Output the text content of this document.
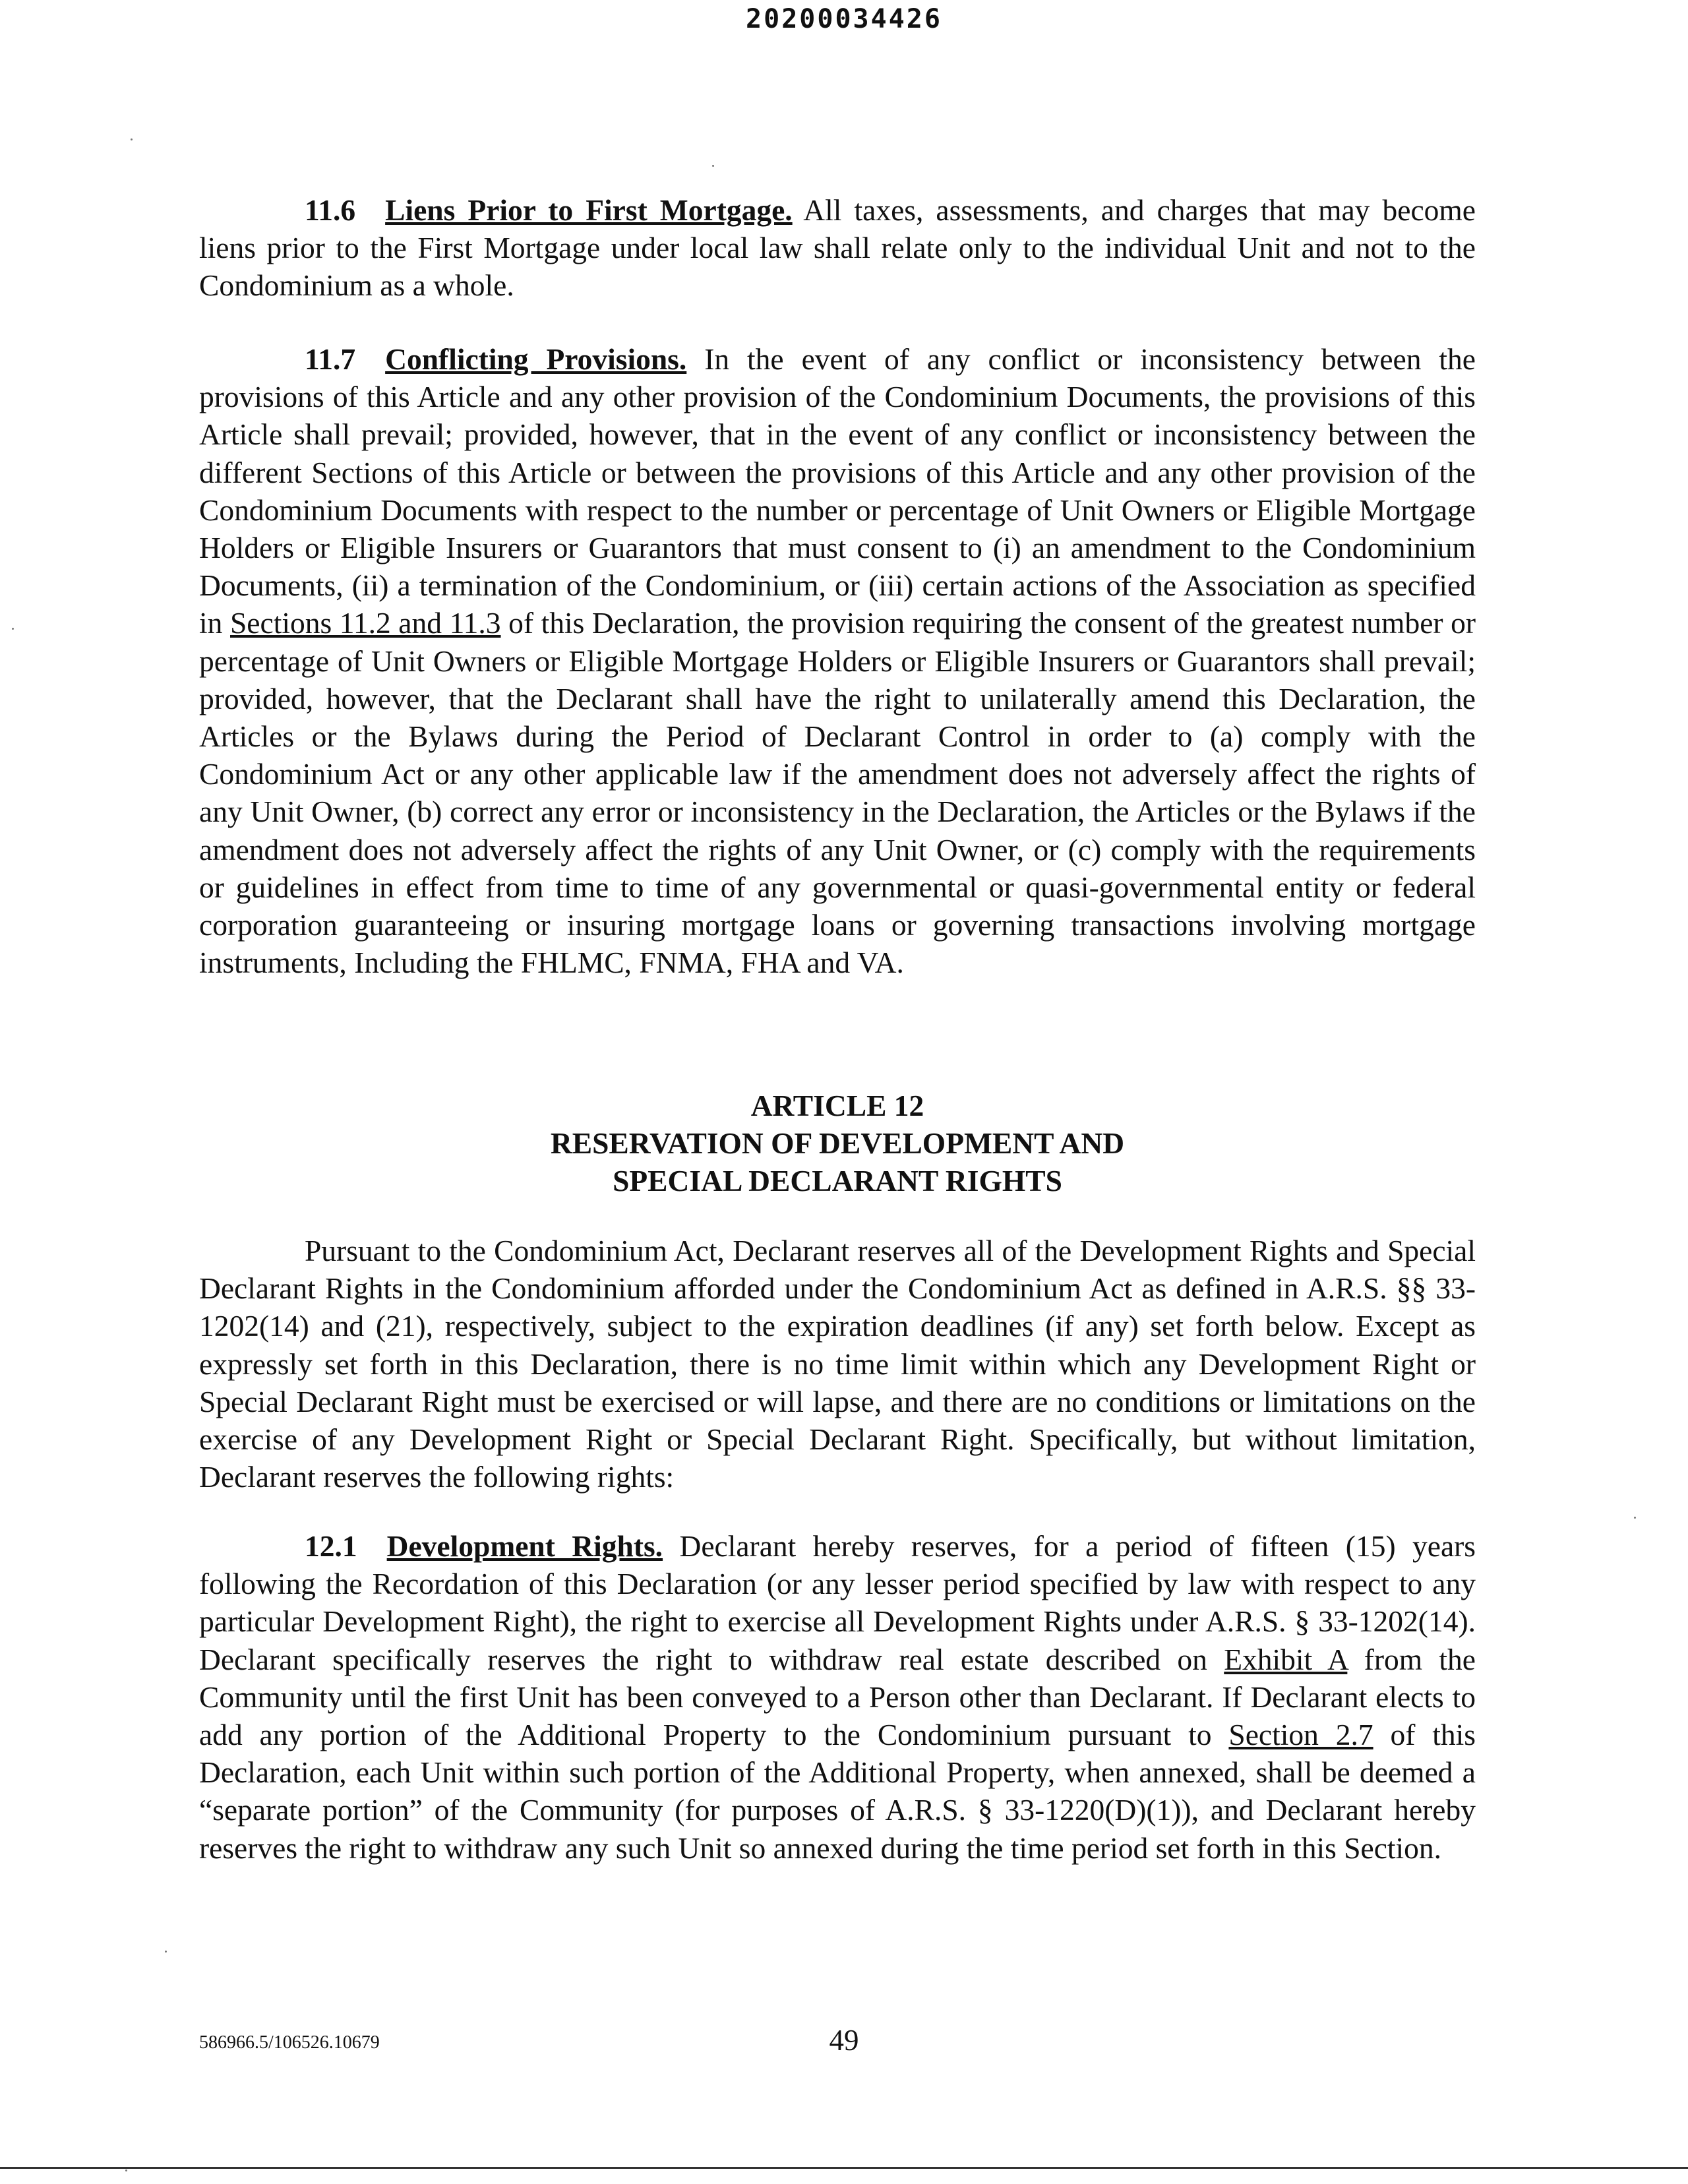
20200034426

11.6 Liens Prior to First Mortgage. All taxes, assessments, and charges that may become liens prior to the First Mortgage under local law shall relate only to the individual Unit and not to the Condominium as a whole.

11.7 Conflicting Provisions. In the event of any conflict or inconsistency between the provisions of this Article and any other provision of the Condominium Documents, the provisions of this Article shall prevail; provided, however, that in the event of any conflict or inconsistency between the different Sections of this Article or between the provisions of this Article and any other provision of the Condominium Documents with respect to the number or percentage of Unit Owners or Eligible Mortgage Holders or Eligible Insurers or Guarantors that must consent to (i) an amendment to the Condominium Documents, (ii) a termination of the Condominium, or (iii) certain actions of the Association as specified in Sections 11.2 and 11.3 of this Declaration, the provision requiring the consent of the greatest number or percentage of Unit Owners or Eligible Mortgage Holders or Eligible Insurers or Guarantors shall prevail; provided, however, that the Declarant shall have the right to unilaterally amend this Declaration, the Articles or the Bylaws during the Period of Declarant Control in order to (a) comply with the Condominium Act or any other applicable law if the amendment does not adversely affect the rights of any Unit Owner, (b) correct any error or inconsistency in the Declaration, the Articles or the Bylaws if the amendment does not adversely affect the rights of any Unit Owner, or (c) comply with the requirements or guidelines in effect from time to time of any governmental or quasi-governmental entity or federal corporation guaranteeing or insuring mortgage loans or governing transactions involving mortgage instruments, Including the FHLMC, FNMA, FHA and VA.

ARTICLE 12
RESERVATION OF DEVELOPMENT AND
SPECIAL DECLARANT RIGHTS

Pursuant to the Condominium Act, Declarant reserves all of the Development Rights and Special Declarant Rights in the Condominium afforded under the Condominium Act as defined in A.R.S. §§ 33-1202(14) and (21), respectively, subject to the expiration deadlines (if any) set forth below. Except as expressly set forth in this Declaration, there is no time limit within which any Development Right or Special Declarant Right must be exercised or will lapse, and there are no conditions or limitations on the exercise of any Development Right or Special Declarant Right. Specifically, but without limitation, Declarant reserves the following rights:

12.1 Development Rights. Declarant hereby reserves, for a period of fifteen (15) years following the Recordation of this Declaration (or any lesser period specified by law with respect to any particular Development Right), the right to exercise all Development Rights under A.R.S. § 33-1202(14). Declarant specifically reserves the right to withdraw real estate described on Exhibit A from the Community until the first Unit has been conveyed to a Person other than Declarant. If Declarant elects to add any portion of the Additional Property to the Condominium pursuant to Section 2.7 of this Declaration, each Unit within such portion of the Additional Property, when annexed, shall be deemed a “separate portion” of the Community (for purposes of A.R.S. § 33-1220(D)(1)), and Declarant hereby reserves the right to withdraw any such Unit so annexed during the time period set forth in this Section.

586966.5/106526.10679	49
